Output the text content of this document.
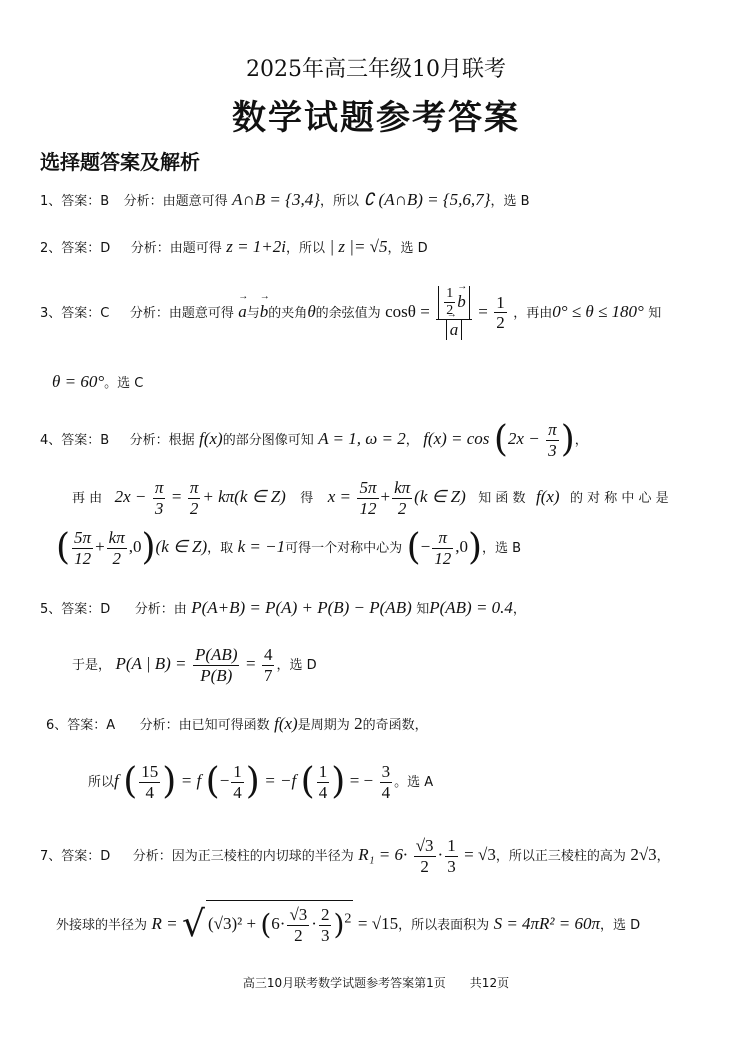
2025年高三年级10月联考
数学试题参考答案
选择题答案及解析
1、答案：B 分析：由题意可得 A∩B = {3,4}，所以 ∁ (A∩B) = {5,6,7}，选 B
2、答案：D 分析：由题可得 z = 1+2i，所以 | z |= √5，选 D
3、答案：C 分析：由题意可得 → a与→ b的夹角θ的余弦值为 $\cos\theta = \frac{1}{2}$
→ b
→ $a = \frac{1}{2}$ ，再由0° ≤ θ ≤ 180° 知
θ = 60°。选 C
4、答案：B 分析：根据 f(x)的部分图像可知 A = 1, ω = 2， $f(x) = \cos (2x - \frac{\pi}{3}$ )，
再 由 $2x - \frac{\pi}{3} = \frac{\pi}{2} + k\pi(k$ ∈ Z) 得 $x = \frac{5\pi}{12} + \frac{k\pi}{2} (k$ ∈ Z) 知 函 数 f(x) 的 对 称 中 心 是
( $\frac{5\pi}{12} + \frac{k\pi}{2} ,0)(k$ ∈ Z)，取 k = −1可得一个对称中心为 (− $\frac{\pi}{12} ,0$)，选 B
5、答案：D 分析：由 P(A+B) = P(A) + P(B) − P(AB) 知P(AB) = 0.4，
于是， P(A | $B) = \frac{P(AB)}{P(B)} = \frac{4}{7}$ ，选 D
6、答案：A 分析：由已知可得函数 f(x)是周期为 2的奇函数，
所以f ( $\frac{15}{4}$ ) = f (− $\frac{1}{4}$ ) = −f ( $\frac{1}{4}$ ) = − $\frac{3}{4}$ 。选 A
7、答案：D 分析：因为正三棱柱的内切球的半径为 $R_1 = 6\cdot \frac{√3}{2} \cdot \frac{1}{3} = √3$，所以正三棱柱的高为 2√3，
外接球的半径为 R = √ $(√3)^2 + (6\cdot \frac{√3}{2} \cdot \frac{2}{3} )^2 = √15$，所以表面积为 S = 4πR² = 60π，选 D
高三10月联考数学试题参考答案第1页　　共12页
